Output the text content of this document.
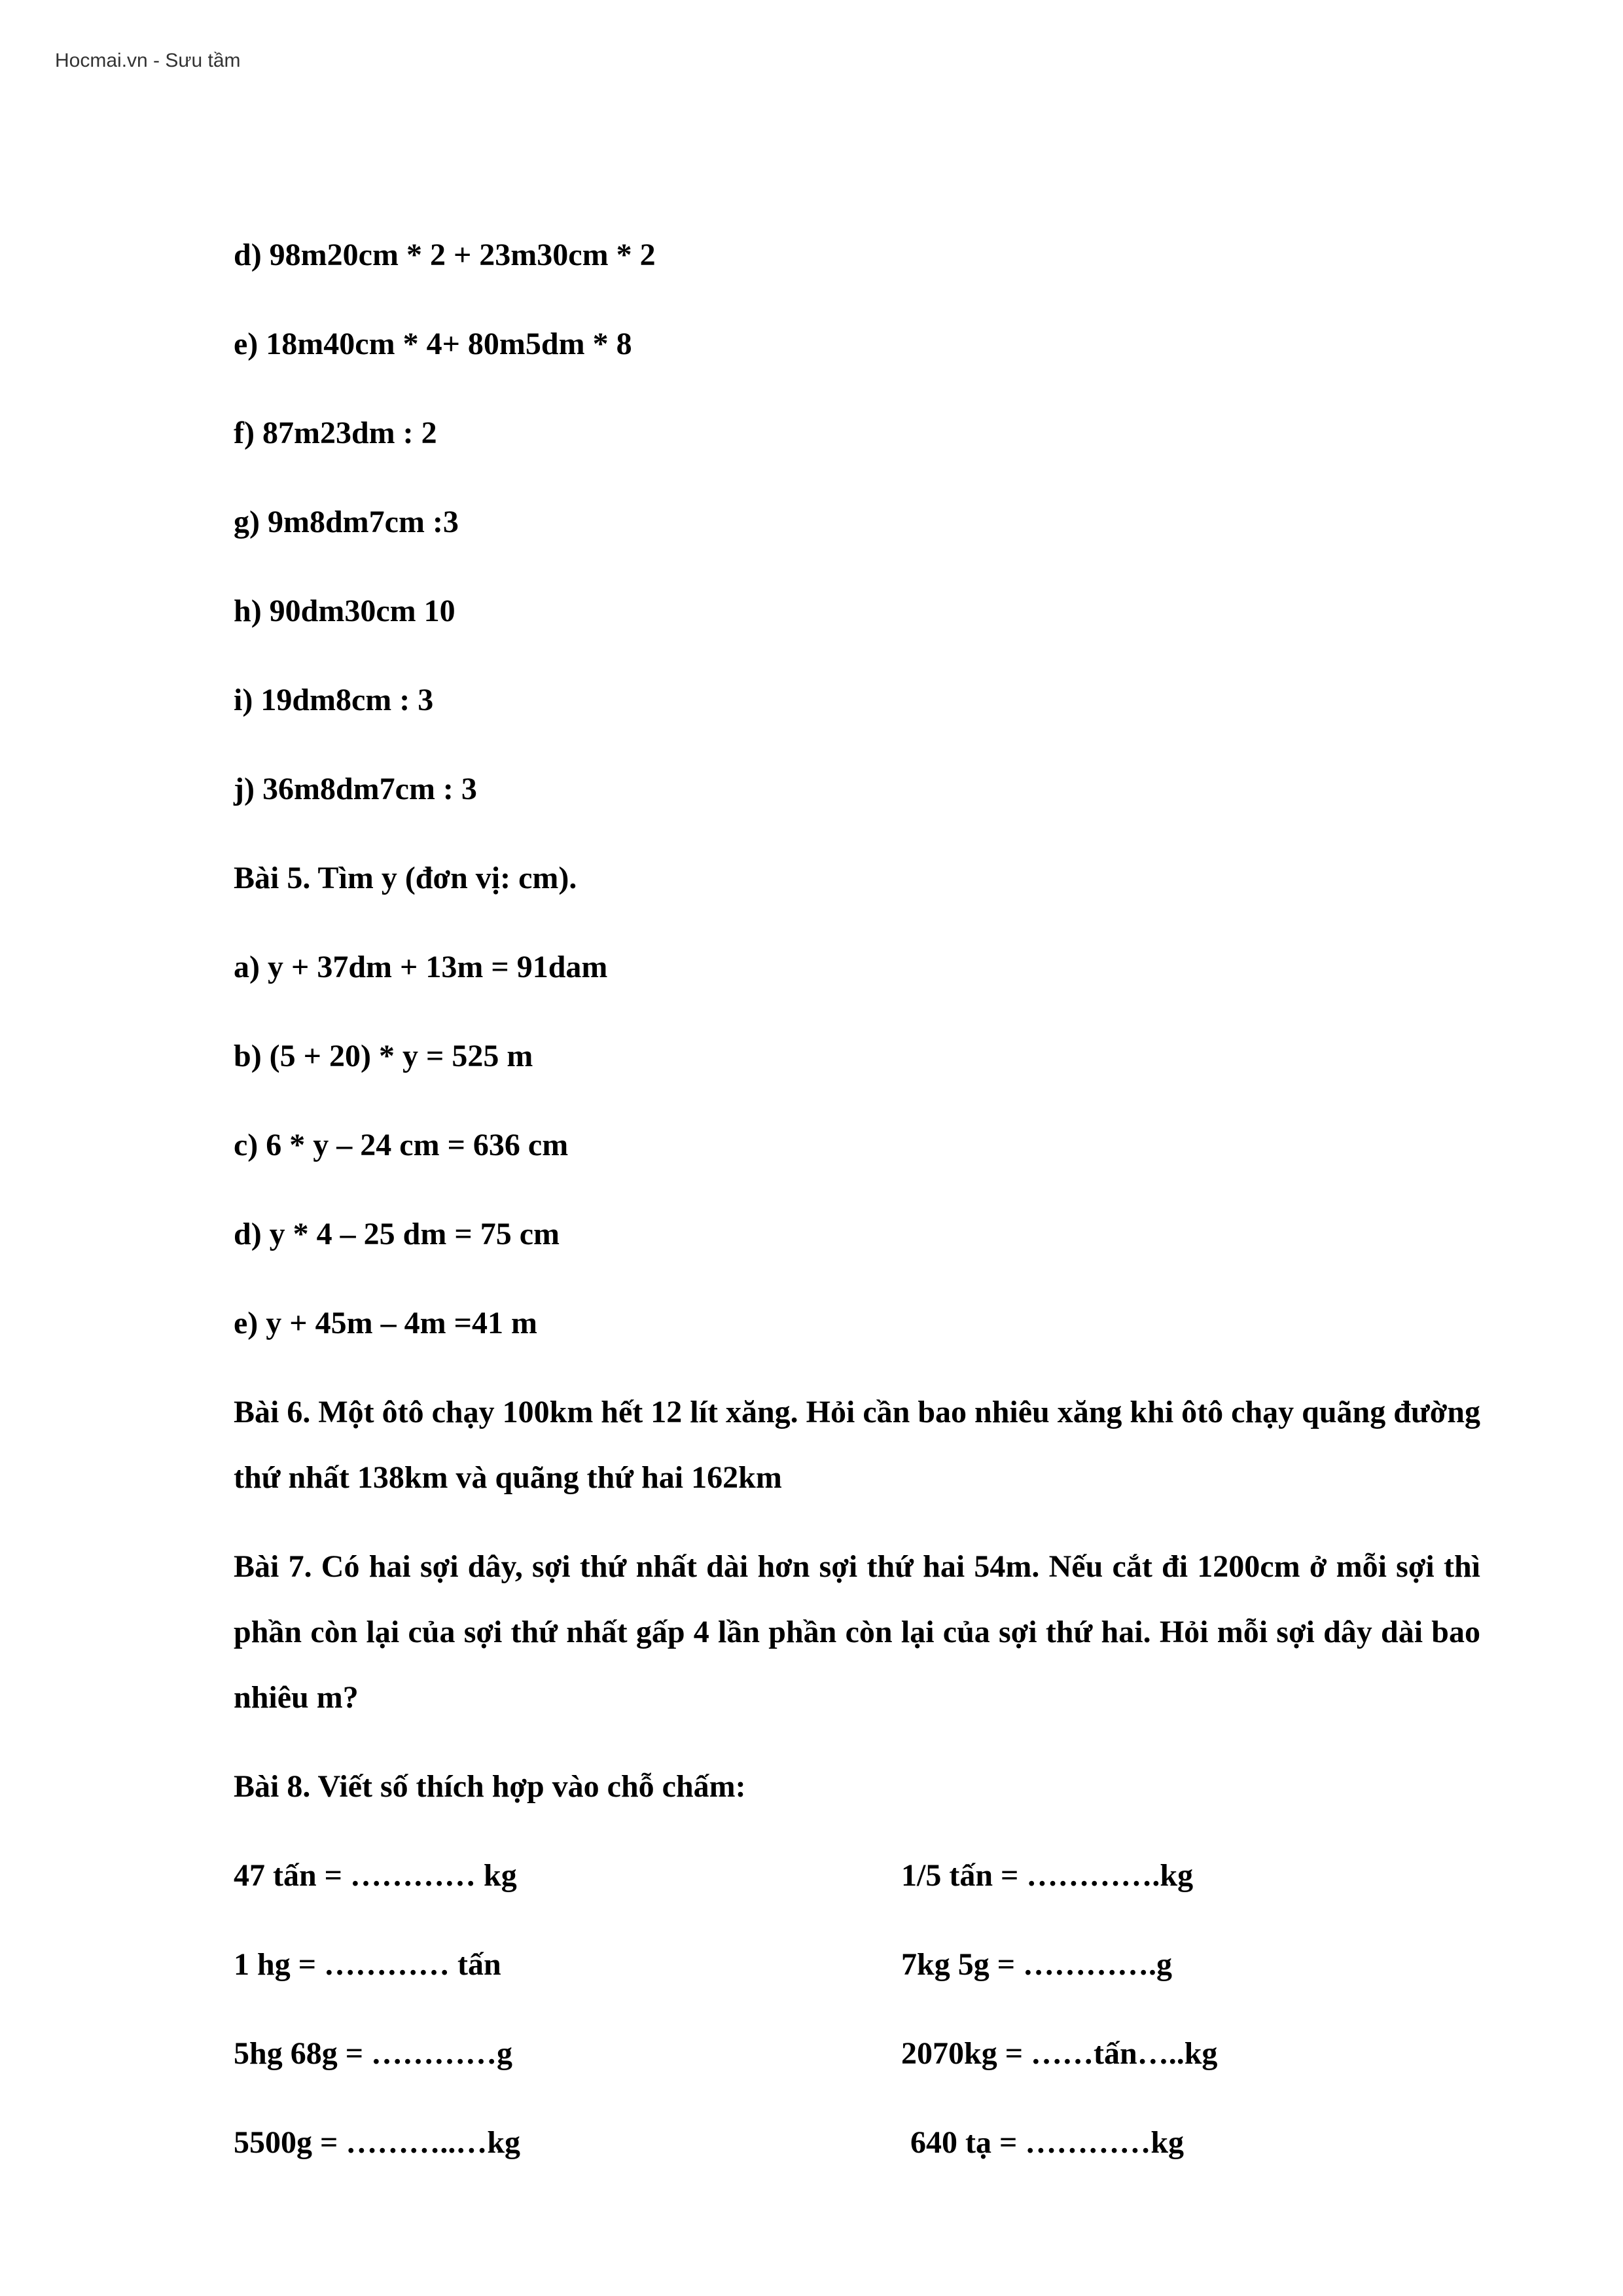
Hocmai.vn - Sưu tầm
d) 98m20cm * 2 + 23m30cm * 2
e) 18m40cm * 4+ 80m5dm * 8
f) 87m23dm : 2
g) 9m8dm7cm :3
h) 90dm30cm 10
i) 19dm8cm : 3
j) 36m8dm7cm : 3
Bài 5. Tìm y (đơn vị: cm).
a) y + 37dm + 13m = 91dam
b) (5 + 20) * y = 525 m
c) 6 * y – 24 cm = 636 cm
d) y * 4 – 25 dm = 75 cm
e) y + 45m – 4m =41 m
Bài 6. Một ôtô chạy 100km hết 12 lít xăng. Hỏi cần bao nhiêu xăng khi ôtô chạy quãng đường thứ nhất 138km và quãng thứ hai 162km
Bài 7. Có hai sợi dây, sợi thứ nhất dài hơn sợi thứ hai 54m. Nếu cắt đi 1200cm ở mỗi sợi thì phần còn lại của sợi thứ nhất gấp 4 lần phần còn lại của sợi thứ hai. Hỏi mỗi sợi dây dài bao nhiêu m?
Bài 8. Viết số thích hợp vào chỗ chấm:
47 tấn = ………… kg	1/5 tấn = ………….kg
1 hg = ………… tấn	7kg 5g = ………….g
5hg 68g = …………g	2070kg = ……tấn…..kg
5500g = ………..…kg	640 tạ = …………kg
